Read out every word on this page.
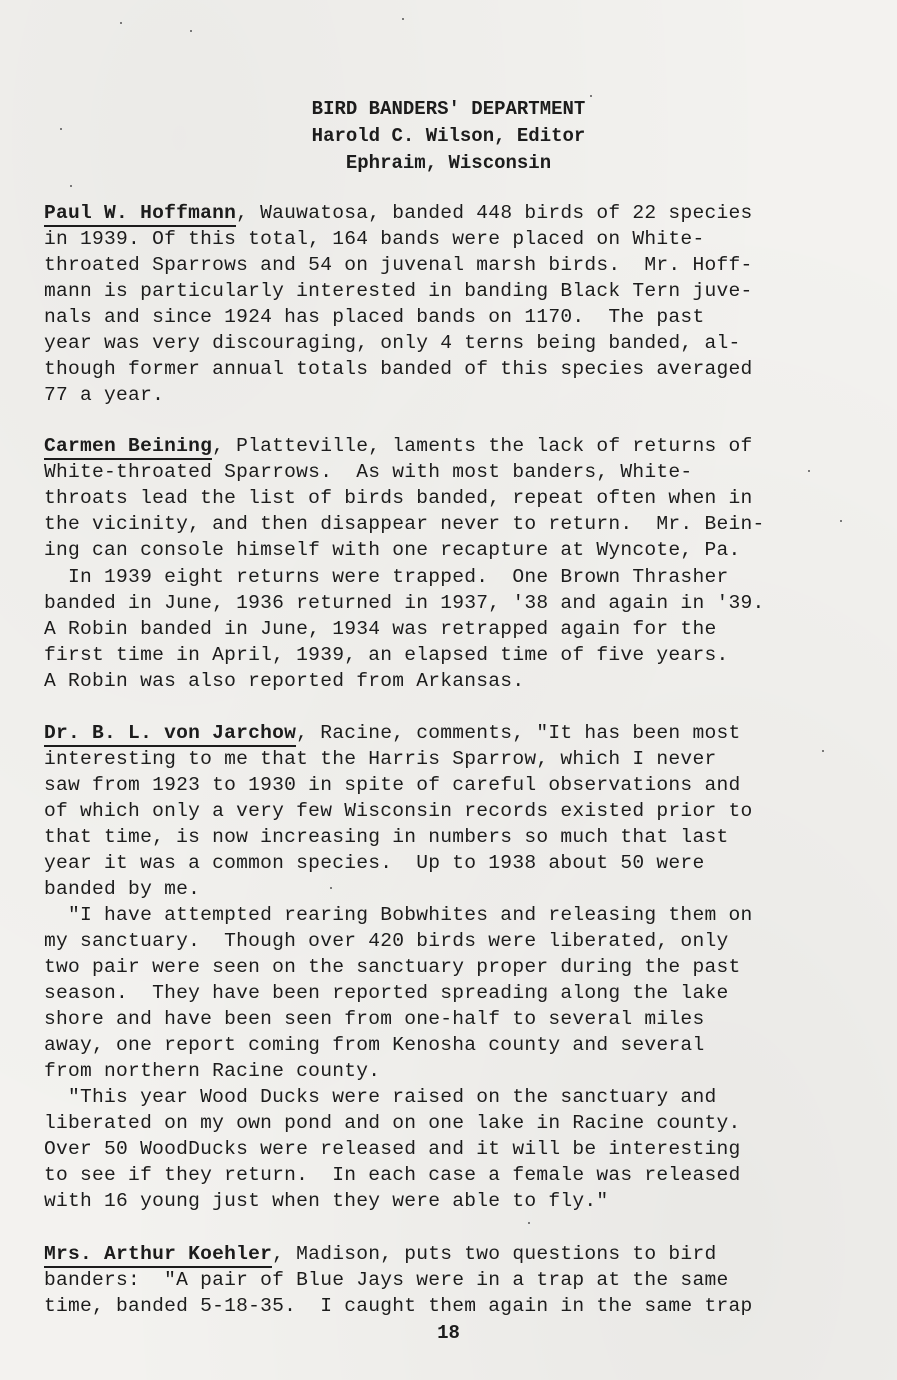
BIRD BANDERS' DEPARTMENT
Harold C. Wilson, Editor
Ephraim, Wisconsin
Paul W. Hoffmann, Wauwatosa, banded 448 birds of 22 species
in 1939. Of this total, 164 bands were placed on White-
throated Sparrows and 54 on juvenal marsh birds.  Mr. Hoff-
mann is particularly interested in banding Black Tern juve-
nals and since 1924 has placed bands on 1170.  The past
year was very discouraging, only 4 terns being banded, al-
though former annual totals banded of this species averaged
77 a year.
Carmen Beining, Platteville, laments the lack of returns of
White-throated Sparrows.  As with most banders, White-
throats lead the list of birds banded, repeat often when in
the vicinity, and then disappear never to return.  Mr. Bein-
ing can console himself with one recapture at Wyncote, Pa.
In 1939 eight returns were trapped.  One Brown Thrasher
banded in June, 1936 returned in 1937, '38 and again in '39.
A Robin banded in June, 1934 was retrapped again for the
first time in April, 1939, an elapsed time of five years.
A Robin was also reported from Arkansas.
Dr. B. L. von Jarchow, Racine, comments, "It has been most
interesting to me that the Harris Sparrow, which I never
saw from 1923 to 1930 in spite of careful observations and
of which only a very few Wisconsin records existed prior to
that time, is now increasing in numbers so much that last
year it was a common species.  Up to 1938 about 50 were
banded by me.
"I have attempted rearing Bobwhites and releasing them on
my sanctuary.  Though over 420 birds were liberated, only
two pair were seen on the sanctuary proper during the past
season.  They have been reported spreading along the lake
shore and have been seen from one-half to several miles
away, one report coming from Kenosha county and several
from northern Racine county.
"This year Wood Ducks were raised on the sanctuary and
liberated on my own pond and on one lake in Racine county.
Over 50 WoodDucks were released and it will be interesting
to see if they return.  In each case a female was released
with 16 young just when they were able to fly."
Mrs. Arthur Koehler, Madison, puts two questions to bird
banders:  "A pair of Blue Jays were in a trap at the same
time, banded 5-18-35.  I caught them again in the same trap
18
